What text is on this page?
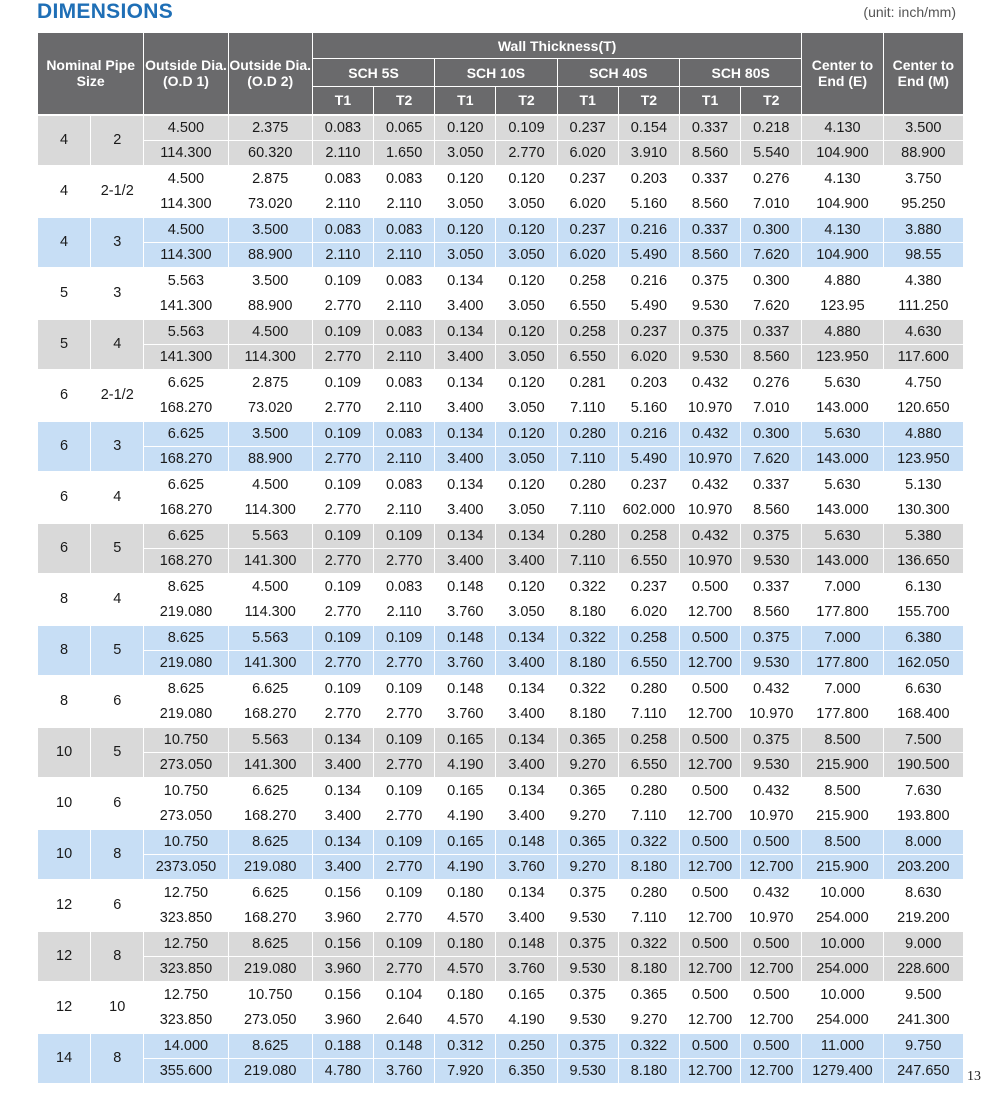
DIMENSIONS	(unit: inch/mm)
Nominal Pipe Size		Outside Dia. (O.D 1)	Outside Dia. (O.D 2)	Wall Thickness(T)								Center to End (E)	Center to End (M)
				SCH 5S		SCH 10S		SCH 40S		SCH 80S			
				T1	T2	T1	T2	T1	T2	T1	T2		
4	2	4.500	2.375	0.083	0.065	0.120	0.109	0.237	0.154	0.337	0.218	4.130	3.500
		114.300	60.320	2.110	1.650	3.050	2.770	6.020	3.910	8.560	5.540	104.900	88.900
4	2-1/2	4.500	2.875	0.083	0.083	0.120	0.120	0.237	0.203	0.337	0.276	4.130	3.750
		114.300	73.020	2.110	2.110	3.050	3.050	6.020	5.160	8.560	7.010	104.900	95.250
4	3	4.500	3.500	0.083	0.083	0.120	0.120	0.237	0.216	0.337	0.300	4.130	3.880
		114.300	88.900	2.110	2.110	3.050	3.050	6.020	5.490	8.560	7.620	104.900	98.55
5	3	5.563	3.500	0.109	0.083	0.134	0.120	0.258	0.216	0.375	0.300	4.880	4.380
		141.300	88.900	2.770	2.110	3.400	3.050	6.550	5.490	9.530	7.620	123.95	111.250
5	4	5.563	4.500	0.109	0.083	0.134	0.120	0.258	0.237	0.375	0.337	4.880	4.630
		141.300	114.300	2.770	2.110	3.400	3.050	6.550	6.020	9.530	8.560	123.950	117.600
6	2-1/2	6.625	2.875	0.109	0.083	0.134	0.120	0.281	0.203	0.432	0.276	5.630	4.750
		168.270	73.020	2.770	2.110	3.400	3.050	7.110	5.160	10.970	7.010	143.000	120.650
6	3	6.625	3.500	0.109	0.083	0.134	0.120	0.280	0.216	0.432	0.300	5.630	4.880
		168.270	88.900	2.770	2.110	3.400	3.050	7.110	5.490	10.970	7.620	143.000	123.950
6	4	6.625	4.500	0.109	0.083	0.134	0.120	0.280	0.237	0.432	0.337	5.630	5.130
		168.270	114.300	2.770	2.110	3.400	3.050	7.110	602.000	10.970	8.560	143.000	130.300
6	5	6.625	5.563	0.109	0.109	0.134	0.134	0.280	0.258	0.432	0.375	5.630	5.380
		168.270	141.300	2.770	2.770	3.400	3.400	7.110	6.550	10.970	9.530	143.000	136.650
8	4	8.625	4.500	0.109	0.083	0.148	0.120	0.322	0.237	0.500	0.337	7.000	6.130
		219.080	114.300	2.770	2.110	3.760	3.050	8.180	6.020	12.700	8.560	177.800	155.700
8	5	8.625	5.563	0.109	0.109	0.148	0.134	0.322	0.258	0.500	0.375	7.000	6.380
		219.080	141.300	2.770	2.770	3.760	3.400	8.180	6.550	12.700	9.530	177.800	162.050
8	6	8.625	6.625	0.109	0.109	0.148	0.134	0.322	0.280	0.500	0.432	7.000	6.630
		219.080	168.270	2.770	2.770	3.760	3.400	8.180	7.110	12.700	10.970	177.800	168.400
10	5	10.750	5.563	0.134	0.109	0.165	0.134	0.365	0.258	0.500	0.375	8.500	7.500
		273.050	141.300	3.400	2.770	4.190	3.400	9.270	6.550	12.700	9.530	215.900	190.500
10	6	10.750	6.625	0.134	0.109	0.165	0.134	0.365	0.280	0.500	0.432	8.500	7.630
		273.050	168.270	3.400	2.770	4.190	3.400	9.270	7.110	12.700	10.970	215.900	193.800
10	8	10.750	8.625	0.134	0.109	0.165	0.148	0.365	0.322	0.500	0.500	8.500	8.000
		2373.050	219.080	3.400	2.770	4.190	3.760	9.270	8.180	12.700	12.700	215.900	203.200
12	6	12.750	6.625	0.156	0.109	0.180	0.134	0.375	0.280	0.500	0.432	10.000	8.630
		323.850	168.270	3.960	2.770	4.570	3.400	9.530	7.110	12.700	10.970	254.000	219.200
12	8	12.750	8.625	0.156	0.109	0.180	0.148	0.375	0.322	0.500	0.500	10.000	9.000
		323.850	219.080	3.960	2.770	4.570	3.760	9.530	8.180	12.700	12.700	254.000	228.600
12	10	12.750	10.750	0.156	0.104	0.180	0.165	0.375	0.365	0.500	0.500	10.000	9.500
		323.850	273.050	3.960	2.640	4.570	4.190	9.530	9.270	12.700	12.700	254.000	241.300
14	8	14.000	8.625	0.188	0.148	0.312	0.250	0.375	0.322	0.500	0.500	11.000	9.750
		355.600	219.080	4.780	3.760	7.920	6.350	9.530	8.180	12.700	12.700	1279.400	247.650 13
